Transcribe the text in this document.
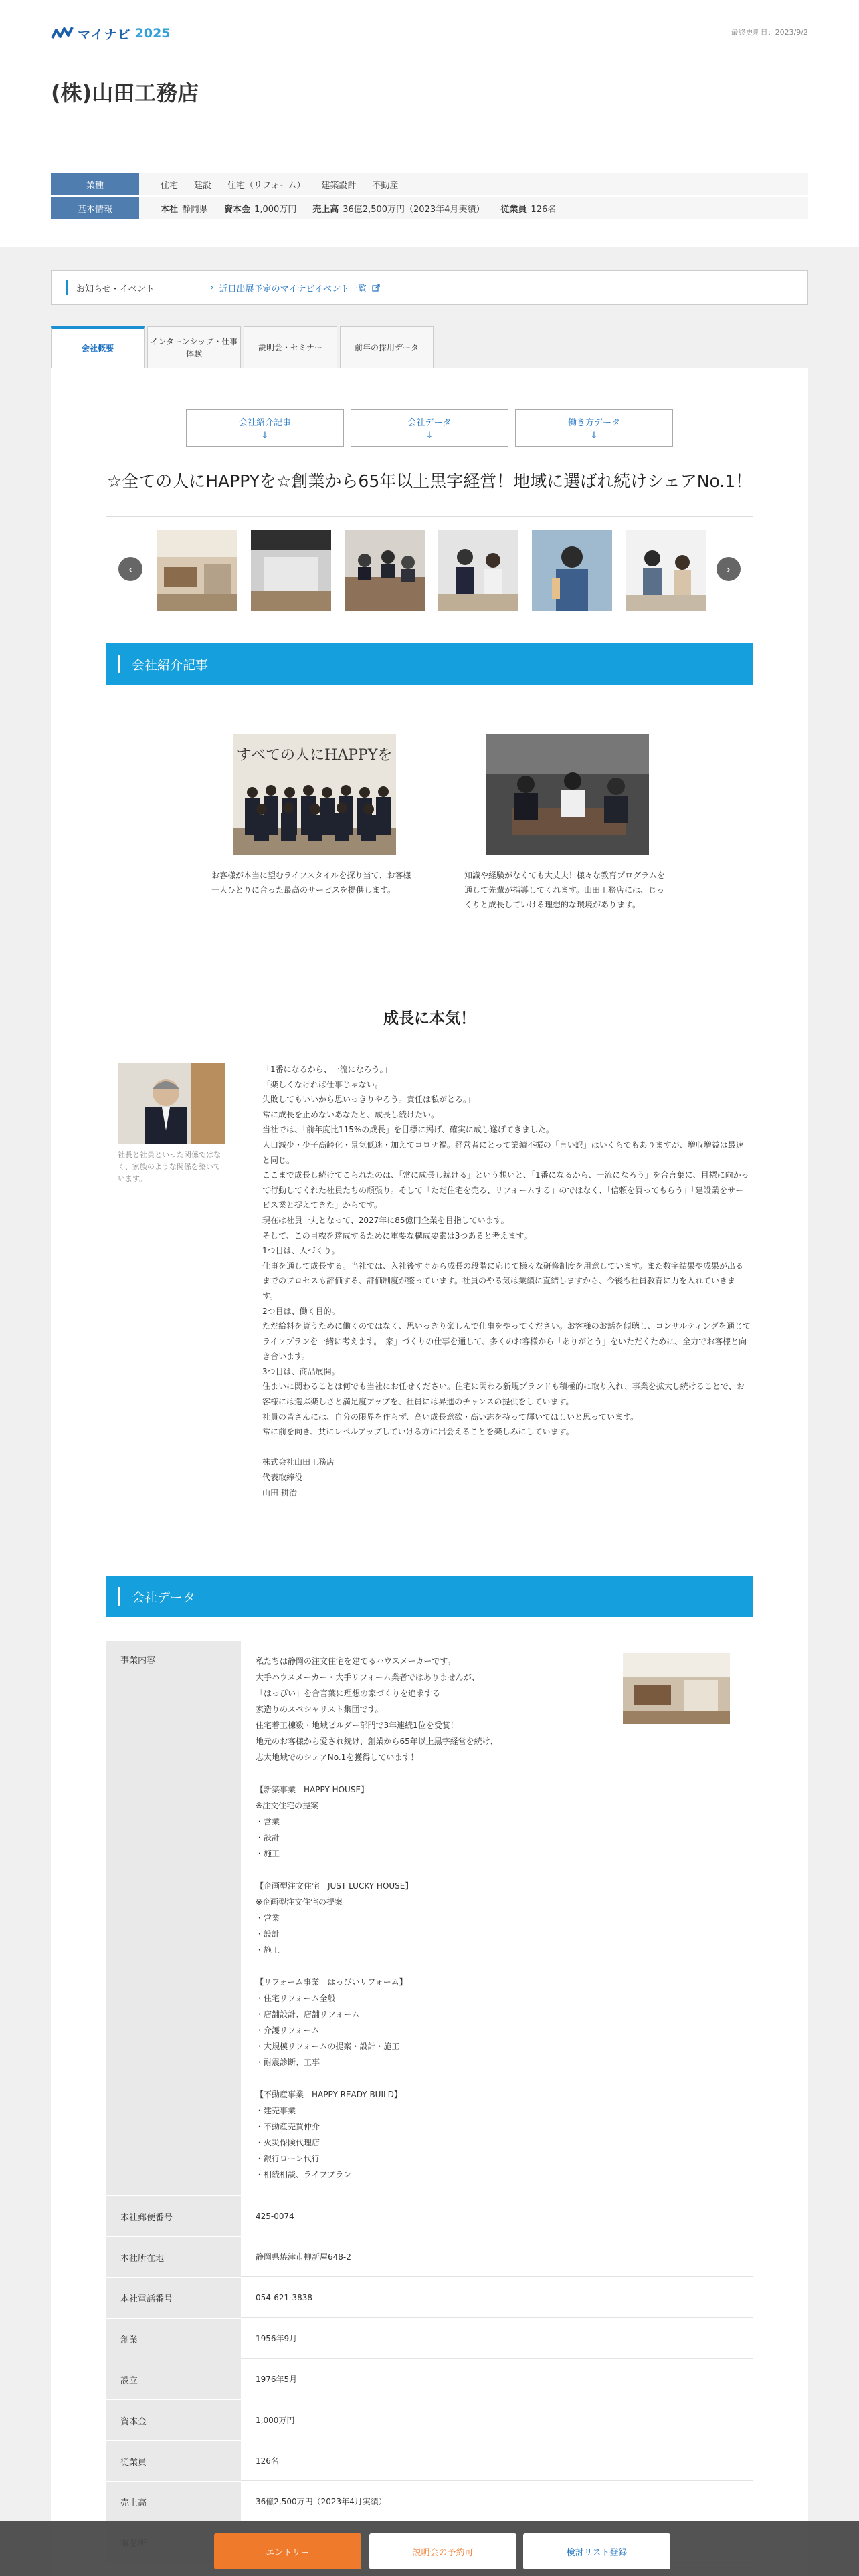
マイナビ 2025	最終更新日：2023/9/2
(株)山田工務店
業種	住宅 建設 住宅（リフォーム） 建築設計 不動産
基本情報	本社 静岡県 資本金 1,000万円 売上高 36億2,500万円（2023年4月実績） 従業員 126名
お知らせ・イベント	› 近日出展予定のマイナビイベント一覧
会社概要
インターンシップ・仕事体験
説明会・セミナー	前年の採用データ
会社紹介記事
↓
会社データ
↓
働き方データ
↓
☆全ての人にHAPPYを☆創業から65年以上黒字経営！地域に選ばれ続けシェアNo.1！
‹	›
会社紹介記事
すべての人にHAPPYを

お客様が本当に望むライフスタイルを探り当て、お客様一人ひとりに合った最高のサービスを提供します。

知識や経験がなくても大丈夫！様々な教育プログラムを通して先輩が指導してくれます。山田工務店には、じっくりと成長していける理想的な環境があります。

成長に本気！

社長と社員といった関係ではなく、家族のような関係を築いています。

「1番になるから、一流になろう。」

「楽しくなければ仕事じゃない。

失敗してもいいから思いっきりやろう。責任は私がとる。」

常に成長を止めないあなたと、成長し続けたい。

当社では、「前年度比115%の成長」を目標に掲げ、確実に成し遂げてきました。

人口減少・少子高齢化・景気低迷・加えてコロナ禍。経営者にとって業績不振の「言い訳」はいくらでもありますが、増収増益は最速と同じ。

ここまで成長し続けてこられたのは、「常に成長し続ける」という想いと、「1番になるから、一流になろう」を合言葉に、目標に向かって行動してくれた社員たちの頑張り。そして「ただ住宅を売る、リフォームする」のではなく、「信頼を買ってもらう」「建設業をサービス業と捉えてきた」からです。

現在は社員一丸となって、2027年に85億円企業を目指しています。

そして、この目標を達成するために重要な構成要素は3つあると考えます。

1つ目は、人づくり。

仕事を通して成長する。当社では、入社後すぐから成長の段階に応じて様々な研修制度を用意しています。また数字結果や成果が出るまでのプロセスも評価する、評価制度が整っています。社員のやる気は業績に直結しますから、今後も社員教育に力を入れていきます。

2つ目は、働く目的。

ただ給料を貰うために働くのではなく、思いっきり楽しんで仕事をやってください。お客様のお話を傾聴し、コンサルティングを通じてライフプランを一緒に考えます。「家」づくりの仕事を通して、多くのお客様から「ありがとう」をいただくために、全力でお客様と向き合います。

3つ目は、商品展開。

住まいに関わることは何でも当社にお任せください。住宅に関わる新規ブランドも積極的に取り入れ、事業を拡大し続けることで、お客様には選ぶ楽しさと満足度アップを、社員には昇進のチャンスの提供をしています。

社員の皆さんには、自分の限界を作らず、高い成長意欲・高い志を持って輝いてほしいと思っています。

常に前を向き、共にレベルアップしていける方に出会えることを楽しみにしています。

株式会社山田工務店

代表取締役

山田 耕治

会社データ
事業内容	私たちは静岡の注文住宅を建てるハウスメーカーです。

大手ハウスメーカー・大手リフォーム業者ではありませんが、

「はっぴい」を合言葉に理想の家づくりを追求する

家造りのスペシャリスト集団です。

住宅着工棟数・地域ビルダー部門で3年連続1位を受賞！

地元のお客様から愛され続け、創業から65年以上黒字経営を続け、

志太地域でのシェアNo.1を獲得しています！

【新築事業　HAPPY HOUSE】

※注文住宅の提案

・営業

・設計

・施工

【企画型注文住宅　JUST LUCKY HOUSE】

※企画型注文住宅の提案

・営業

・設計

・施工

【リフォーム事業　はっぴいリフォーム】

・住宅リフォーム全般

・店舗設計、店舗リフォーム

・介護リフォーム

・大規模リフォームの提案・設計・施工

・耐震診断、工事

【不動産事業　HAPPY READY BUILD】

・建売事業

・不動産売買仲介

・火災保険代理店

・銀行ローン代行

・相続相談、ライフプラン

本社郵便番号	425-0074
本社所在地	静岡県焼津市柳新屋648-2
本社電話番号	054-621-3838
創業	1956年9月
設立	1976年5月
資本金	1,000万円
従業員	126名
売上高	36億2,500万円（2023年4月実績）
エントリー	説明会の予約可	検討リスト登録
